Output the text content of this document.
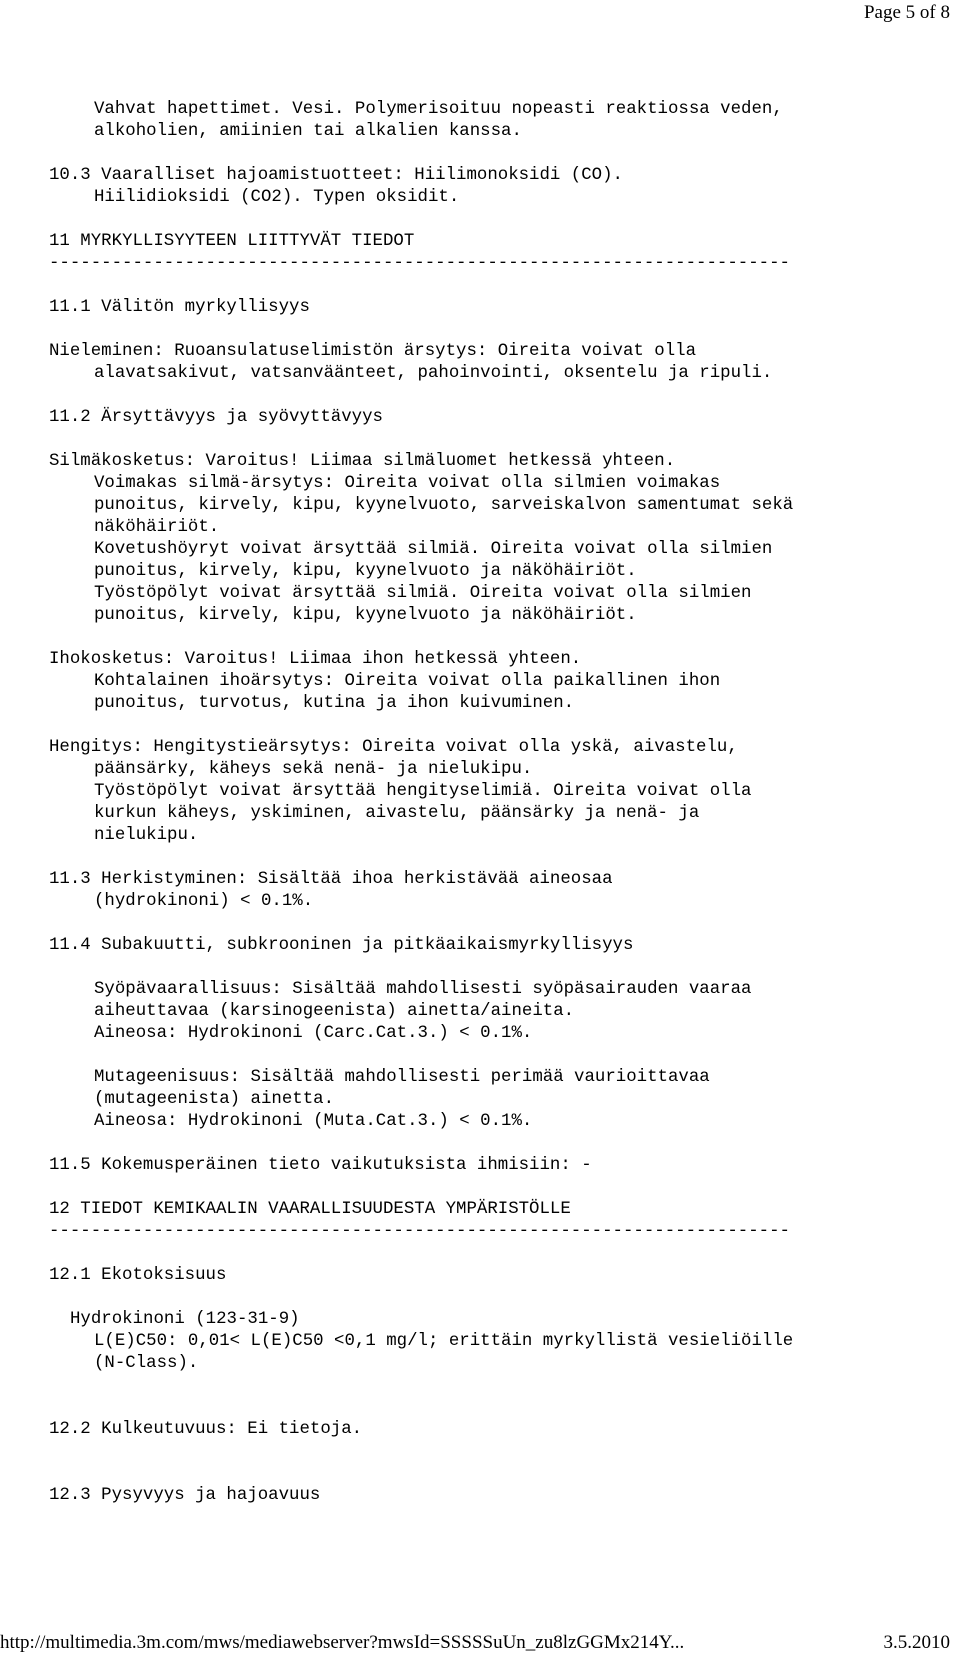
Page 5 of 8
Vahvat hapettimet. Vesi. Polymerisoituu nopeasti reaktiossa veden,
alkoholien, amiinien tai alkalien kanssa.
10.3 Vaaralliset hajoamistuotteet: Hiilimonoksidi (CO).
Hiilidioksidi (CO2). Typen oksidit.
11 MYRKYLLISYYTEEN LIITTYVÄT TIEDOT
-----------------------------------------------------------------------
11.1 Välitön myrkyllisyys
Nieleminen: Ruoansulatuselimistön ärsytys: Oireita voivat olla
alavatsakivut, vatsanväänteet, pahoinvointi, oksentelu ja ripuli.
11.2 Ärsyttävyys ja syövyttävyys
Silmäkosketus: Varoitus! Liimaa silmäluomet hetkessä yhteen.
Voimakas silmä-ärsytys: Oireita voivat olla silmien voimakas
punoitus, kirvely, kipu, kyynelvuoto, sarveiskalvon samentumat sekä
näköhäiriöt.
Kovetushöyryt voivat ärsyttää silmiä. Oireita voivat olla silmien
punoitus, kirvely, kipu, kyynelvuoto ja näköhäiriöt.
Työstöpölyt voivat ärsyttää silmiä. Oireita voivat olla silmien
punoitus, kirvely, kipu, kyynelvuoto ja näköhäiriöt.
Ihokosketus: Varoitus! Liimaa ihon hetkessä yhteen.
Kohtalainen ihoärsytys: Oireita voivat olla paikallinen ihon
punoitus, turvotus, kutina ja ihon kuivuminen.
Hengitys: Hengitystieärsytys: Oireita voivat olla yskä, aivastelu,
päänsärky, käheys sekä nenä- ja nielukipu.
Työstöpölyt voivat ärsyttää hengityselimiä. Oireita voivat olla
kurkun käheys, yskiminen, aivastelu, päänsärky ja nenä- ja
nielukipu.
11.3 Herkistyminen: Sisältää ihoa herkistävää aineosaa
(hydrokinoni) < 0.1%.
11.4 Subakuutti, subkrooninen ja pitkäaikaismyrkyllisyys
Syöpävaarallisuus: Sisältää mahdollisesti syöpäsairauden vaaraa
aiheuttavaa (karsinogeenista) ainetta/aineita.
Aineosa: Hydrokinoni (Carc.Cat.3.) < 0.1%.
Mutageenisuus: Sisältää mahdollisesti perimää vaurioittavaa
(mutageenista) ainetta.
Aineosa: Hydrokinoni (Muta.Cat.3.) < 0.1%.
11.5 Kokemusperäinen tieto vaikutuksista ihmisiin: -
12 TIEDOT KEMIKAALIN VAARALLISUUDESTA YMPÄRISTÖLLE
-----------------------------------------------------------------------
12.1 Ekotoksisuus
Hydrokinoni (123-31-9)
L(E)C50: 0,01< L(E)C50 <0,1 mg/l; erittäin myrkyllistä vesieliöille
(N-Class).
12.2 Kulkeutuvuus: Ei tietoja.
12.3 Pysyvyys ja hajoavuus
http://multimedia.3m.com/mws/mediawebserver?mwsId=SSSSSuUn_zu8lzGGMx214Y...	3.5.2010
